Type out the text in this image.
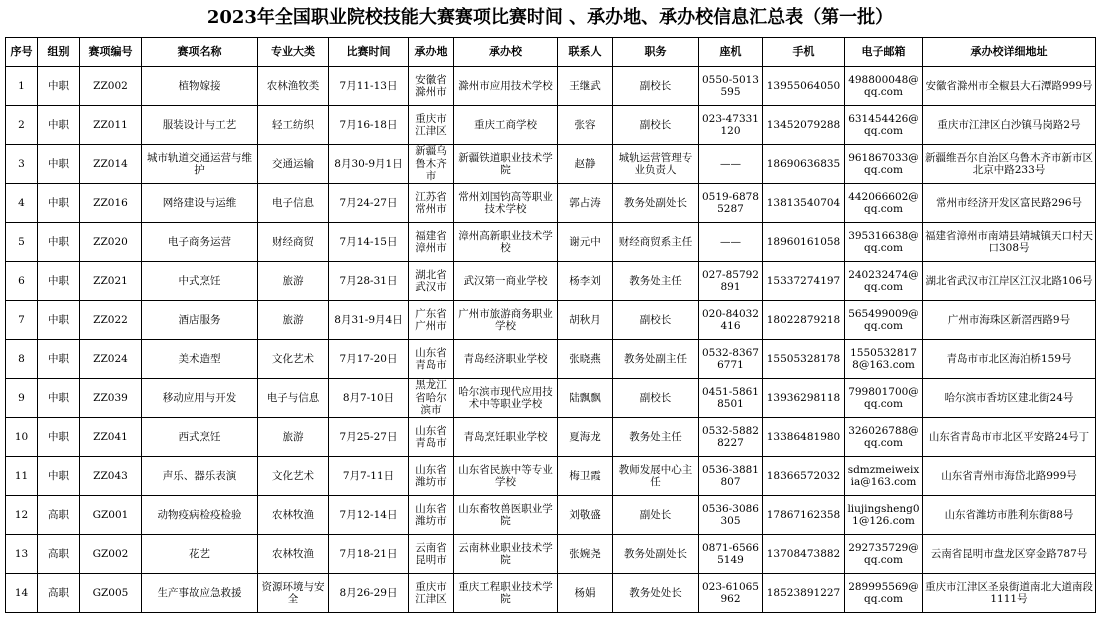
2023年全国职业院校技能大赛赛项比赛时间 、承办地、承办校信息汇总表（第一批）
序号	组别	赛项编号	赛项名称	专业大类	比赛时间	承办地	承办校	联系人	职务	座机	手机	电子邮箱	承办校详细地址
1	中职	ZZ002	植物嫁接	农林渔牧类	7月11-13日	安徽省滁州市	滁州市应用技术学校	王继武	副校长	0550-5013595	13955064050	498800048@qq.com	安徽省滁州市全椒县大石潭路999号
2	中职	ZZ011	服装设计与工艺	轻工纺织	7月16-18日	重庆市江津区	重庆工商学校	张容	副校长	023-47331120	13452079288	631454426@qq.com	重庆市江津区白沙镇马岗路2号
3	中职	ZZ014	城市轨道交通运营与维护	交通运输	8月30-9月1日	新疆乌鲁木齐市	新疆铁道职业技术学院	赵静	城轨运营管理专业负责人	——	18690636835	961867033@qq.com	新疆维吾尔自治区乌鲁木齐市新市区北京中路233号
4	中职	ZZ016	网络建设与运维	电子信息	7月24-27日	江苏省常州市	常州刘国钧高等职业技术学校	郭占涛	教务处副处长	0519-68785287	13813540704	442066602@qq.com	常州市经济开发区富民路296号
5	中职	ZZ020	电子商务运营	财经商贸	7月14-15日	福建省漳州市	漳州高新职业技术学校	谢元中	财经商贸系主任	——	18960161058	395316638@qq.com	福建省漳州市南靖县靖城镇天口村天口308号
6	中职	ZZ021	中式烹饪	旅游	7月28-31日	湖北省武汉市	武汉第一商业学校	杨李刘	教务处主任	027-85792891	15337274197	240232474@qq.com	湖北省武汉市江岸区江汉北路106号
7	中职	ZZ022	酒店服务	旅游	8月31-9月4日	广东省广州市	广州市旅游商务职业学校	胡秋月	副校长	020-84032416	18022879218	565499009@qq.com	广州市海珠区新滘西路9号
8	中职	ZZ024	美术造型	文化艺术	7月17-20日	山东省青岛市	青岛经济职业学校	张晓燕	教务处副主任	0532-83676771	15505328178	15505328178@163.com	青岛市市北区海泊桥159号
9	中职	ZZ039	移动应用与开发	电子与信息	8月7-10日	黑龙江省哈尔滨市	哈尔滨市现代应用技术中等职业学校	陆飘飘	副校长	0451-58618501	13936298118	799801700@qq.com	哈尔滨市香坊区建北街24号
10	中职	ZZ041	西式烹饪	旅游	7月25-27日	山东省青岛市	青岛烹饪职业学校	夏海龙	教务处主任	0532-58828227	13386481980	326026788@qq.com	山东省青岛市市北区平安路24号丁
11	中职	ZZ043	声乐、器乐表演	文化艺术	7月7-11日	山东省潍坊市	山东省民族中等专业学校	梅卫霞	教师发展中心主任	0536-3881807	18366572032	sdmzmeiweixia@163.com	山东省青州市海岱北路999号
12	高职	GZ001	动物疫病检疫检验	农林牧渔	7月12-14日	山东省潍坊市	山东畜牧兽医职业学院	刘敬盛	副处长	0536-3086305	17867162358	liujingsheng01@126.com	山东省潍坊市胜利东街88号
13	高职	GZ002	花艺	农林牧渔	7月18-21日	云南省昆明市	云南林业职业技术学院	张婉尧	教务处副处长	0871-65665149	13708473882	292735729@qq.com	云南省昆明市盘龙区穿金路787号
14	高职	GZ005	生产事故应急救援	资源环境与安全	8月26-29日	重庆市江津区	重庆工程职业技术学院	杨娟	教务处处长	023-61065962	18523891227	289995569@qq.com	重庆市江津区圣泉街道南北大道南段1111号
